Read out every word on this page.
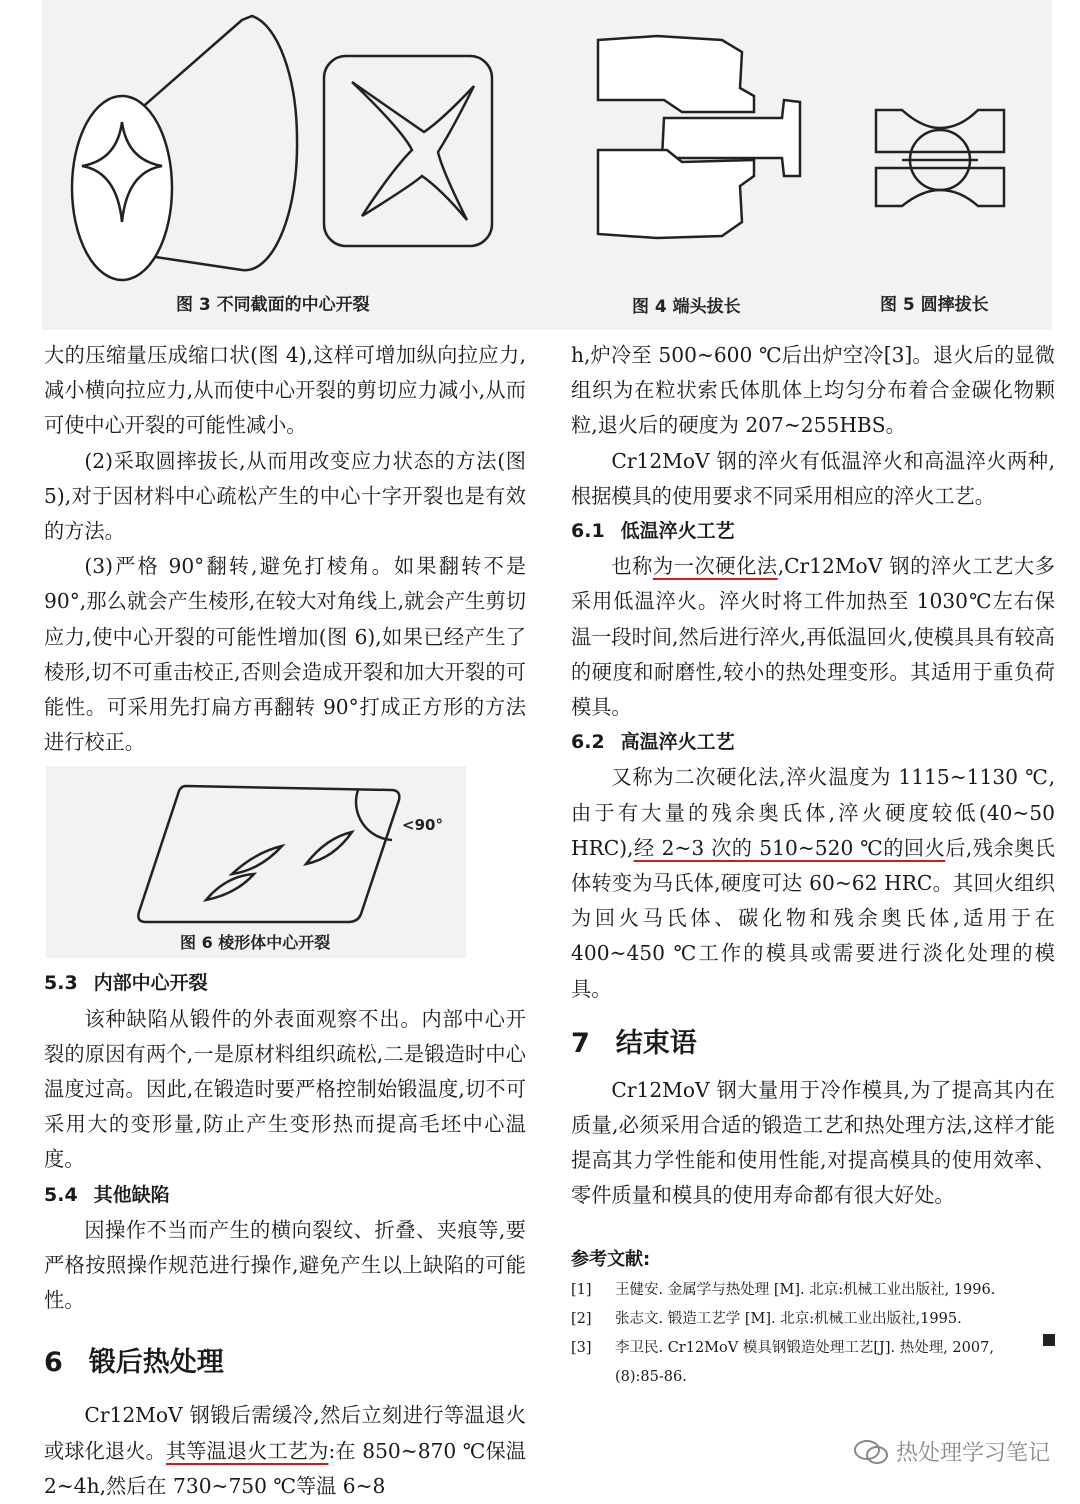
图 3 不同截面的中心开裂	图 4 端头拔长	图 5 圆摔拔长

大的压缩量压成缩口状(图 4),这样可增加纵向拉应力,减小横向拉应力,从而使中心开裂的剪切应力减小,从而可使中心开裂的可能性减小。

(2)采取圆摔拔长,从而用改变应力状态的方法(图 5),对于因材料中心疏松产生的中心十字开裂也是有效的方法。

(3)严格 90°翻转,避免打棱角。如果翻转不是 90°,那么就会产生棱形,在较大对角线上,就会产生剪切应力,使中心开裂的可能性增加(图 6),如果已经产生了棱形,切不可重击校正,否则会造成开裂和加大开裂的可能性。可采用先打扁方再翻转 90°打成正方形的方法进行校正。

<90°
图 6 棱形体中心开裂

5.3 内部中心开裂

该种缺陷从锻件的外表面观察不出。内部中心开裂的原因有两个,一是原材料组织疏松,二是锻造时中心温度过高。因此,在锻造时要严格控制始锻温度,切不可采用大的变形量,防止产生变形热而提高毛坯中心温度。

5.4 其他缺陷

因操作不当而产生的横向裂纹、折叠、夹痕等,要严格按照操作规范进行操作,避免产生以上缺陷的可能性。

6 锻后热处理

Cr12MoV 钢锻后需缓冷,然后立刻进行等温退火或球化退火。其等温退火工艺为:在 850~870 ℃保温 2~4h,然后在 730~750 ℃等温 6~8

h,炉冷至 500~600 ℃后出炉空冷[3]。退火后的显微组织为在粒状索氏体肌体上均匀分布着合金碳化物颗粒,退火后的硬度为 207~255HBS。

Cr12MoV 钢的淬火有低温淬火和高温淬火两种,根据模具的使用要求不同采用相应的淬火工艺。

6.1 低温淬火工艺

也称为一次硬化法,Cr12MoV 钢的淬火工艺大多采用低温淬火。淬火时将工件加热至 1030℃左右保温一段时间,然后进行淬火,再低温回火,使模具具有较高的硬度和耐磨性,较小的热处理变形。其适用于重负荷模具。

6.2 高温淬火工艺

又称为二次硬化法,淬火温度为 1115~1130 ℃,由于有大量的残余奥氏体,淬火硬度较低(40~50 HRC),经 2~3 次的 510~520 ℃的回火后,残余奥氏体转变为马氏体,硬度可达 60~62 HRC。其回火组织为回火马氏体、碳化物和残余奥氏体,适用于在 400~450 ℃工作的模具或需要进行淡化处理的模具。

7 结束语

Cr12MoV 钢大量用于冷作模具,为了提高其内在质量,必须采用合适的锻造工艺和热处理方法,这样才能提高其力学性能和使用性能,对提高模具的使用效率、零件质量和模具的使用寿命都有很大好处。

参考文献:

[1]	王健安. 金属学与热处理 [M]. 北京:机械工业出版社, 1996.
[2]	张志文. 锻造工艺学 [M]. 北京:机械工业出版社,1995.
[3]	李卫民. Cr12MoV 模具钢锻造处理工艺[J]. 热处理, 2007,(8):85-86.
热处理学习笔记
